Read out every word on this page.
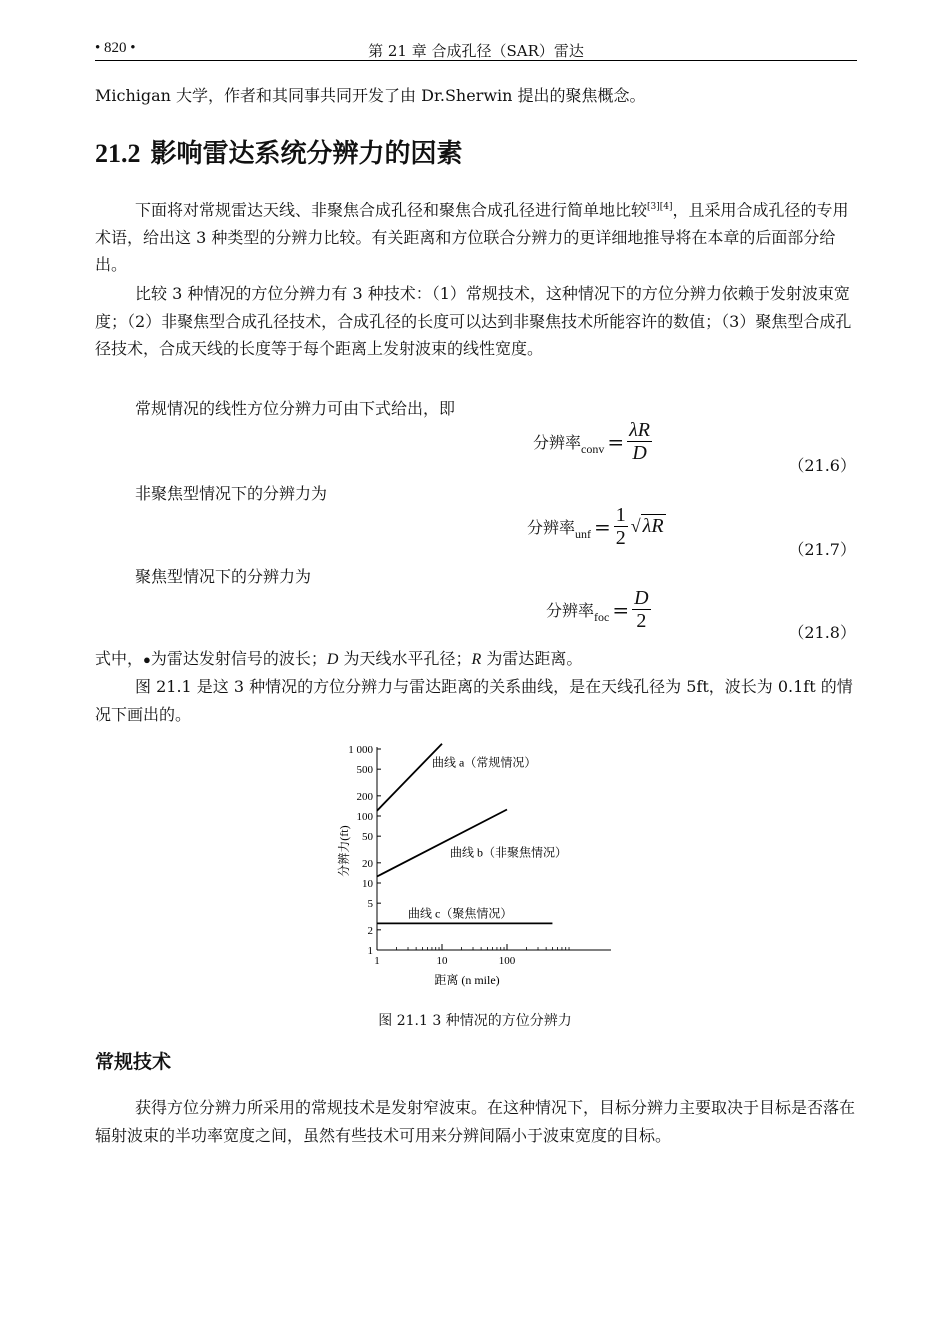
• 820 •	第 21 章 合成孔径（SAR）雷达

Michigan 大学，作者和其同事共同开发了由 Dr.Sherwin 提出的聚焦概念。

21.2 影响雷达系统分辨力的因素

下面将对常规雷达天线、非聚焦合成孔径和聚焦合成孔径进行简单地比较[3][4]，且采用合成孔径的专用术语，给出这 3 种类型的分辨力比较。有关距离和方位联合分辨力的更详细地推导将在本章的后面部分给出。

比较 3 种情况的方位分辨力有 3 种技术：（1）常规技术，这种情况下的方位分辨力依赖于发射波束宽度；（2）非聚焦型合成孔径技术，合成孔径的长度可以达到非聚焦技术所能容许的数值；（3）聚焦型合成孔径技术，合成天线的长度等于每个距离上发射波束的线性宽度。

常规情况的线性方位分辨力可由下式给出，即

分辨率 conv = $\frac{\lambda R}{D}$
（21.6）

非聚焦型情况下的分辨力为

分辨率 unf = $\frac{1}{2}$ √ λR
（21.7）

聚焦型情况下的分辨力为

分辨率 foc = $\frac{D}{2}$
（21.8）

式中，●为雷达发射信号的波长；D 为天线水平孔径；R 为雷达距离。

图 21.1 是这 3 种情况的方位分辨力与雷达距离的关系曲线，是在天线孔径为 5ft，波长为 0.1ft 的情况下画出的。

1
2
5
10
20
50
100
200
500
1 000
1	10	100
距离 (n mile)
分辨力(ft)
曲线 a（常规情况）
曲线 b（非聚焦情况）
曲线 c（聚焦情况）
图 21.1 3 种情况的方位分辨力
常规技术

获得方位分辨力所采用的常规技术是发射窄波束。在这种情况下，目标分辨力主要取决于目标是否落在辐射波束的半功率宽度之间，虽然有些技术可用来分辨间隔小于波束宽度的目标。
